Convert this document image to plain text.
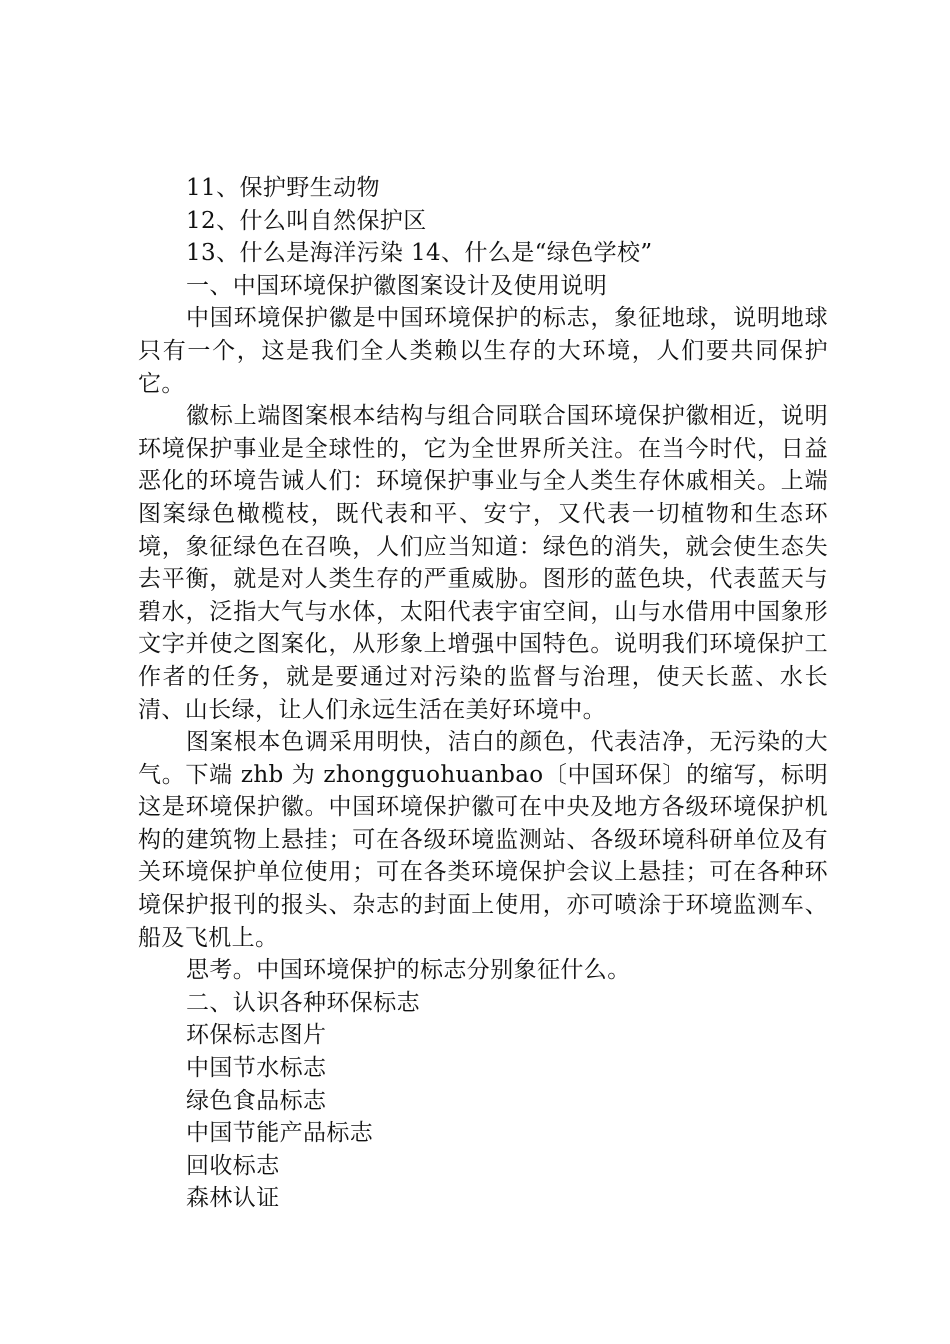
11、保护野生动物

12、什么叫自然保护区

13、什么是海洋污染 14、什么是“绿色学校”

一、中国环境保护徽图案设计及使用说明

中国环境保护徽是中国环境保护的标志，象征地球，说明地球只有一个，这是我们全人类赖以生存的大环境，人们要共同保护它。

徽标上端图案根本结构与组合同联合国环境保护徽相近，说明环境保护事业是全球性的，它为全世界所关注。在当今时代，日益恶化的环境告诫人们：环境保护事业与全人类生存休戚相关。上端图案绿色橄榄枝，既代表和平、安宁，又代表一切植物和生态环境，象征绿色在召唤，人们应当知道：绿色的消失，就会使生态失去平衡，就是对人类生存的严重威胁。图形的蓝色块，代表蓝天与碧水，泛指大气与水体，太阳代表宇宙空间，山与水借用中国象形文字并使之图案化，从形象上增强中国特色。说明我们环境保护工作者的任务，就是要通过对污染的监督与治理，使天长蓝、水长清、山长绿，让人们永远生活在美好环境中。

图案根本色调采用明快，洁白的颜色，代表洁净，无污染的大气。下端 zhb 为 zhongguohuanbao〔中国环保〕的缩写，标明这是环境保护徽。中国环境保护徽可在中央及地方各级环境保护机构的建筑物上悬挂；可在各级环境监测站、各级环境科研单位及有关环境保护单位使用；可在各类环境保护会议上悬挂；可在各种环境保护报刊的报头、杂志的封面上使用，亦可喷涂于环境监测车、船及飞机上。

思考。中国环境保护的标志分别象征什么。

二、认识各种环保标志

环保标志图片

中国节水标志

绿色食品标志

中国节能产品标志

回收标志

森林认证
